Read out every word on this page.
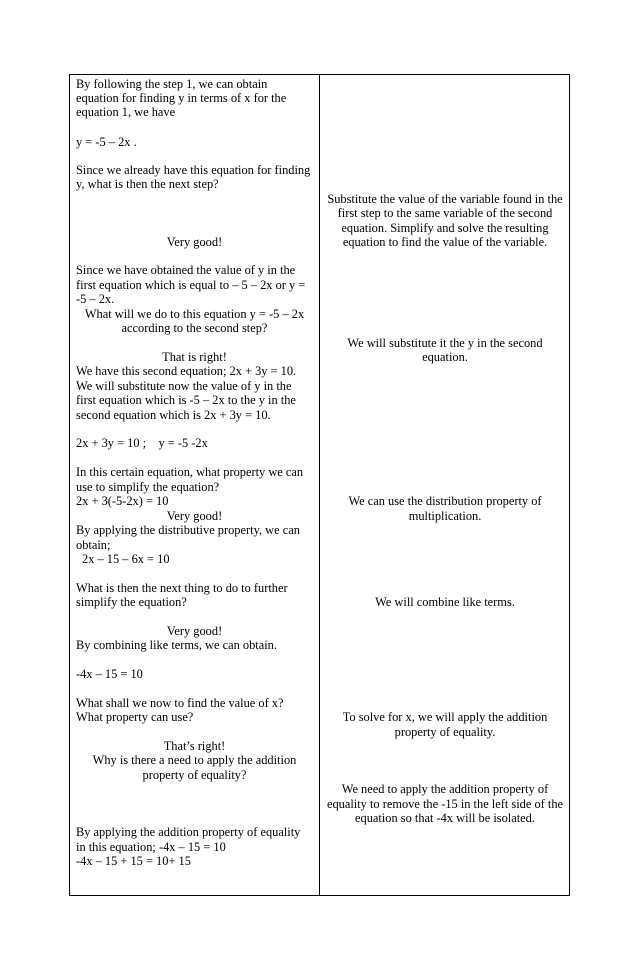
By following the step 1, we can obtain
equation for finding y in terms of x for the
equation 1, we have
y = -5 – 2x .
Since we already have this equation for finding
y, what is then the next step?
Very good!
Since we have obtained the value of y in the
first equation which is equal to – 5 – 2x or y =
-5 – 2x.
What will we do to this equation y = -5 – 2x
according to the second step?
That is right!
We have this second equation; 2x + 3y = 10.
We will substitute now the value of y in the
first equation which is -5 – 2x to the y in the
second equation which is 2x + 3y = 10.
2x + 3y = 10 ;    y = -5 -2x
In this certain equation, what property we can
use to simplify the equation?
2x + 3(-5-2x) = 10
Very good!
By applying the distributive property, we can
obtain;
2x – 15 – 6x = 10
What is then the next thing to do to further
simplify the equation?
Very good!
By combining like terms, we can obtain.
-4x – 15 = 10
What shall we now to find the value of x?
What property can use?
That’s right!
Why is there a need to apply the addition
property of equality?
By applying the addition property of equality
in this equation; -4x – 15 = 10
-4x – 15 + 15 = 10+ 15
Substitute the value of the variable found in the
first step to the same variable of the second
equation. Simplify and solve the resulting
equation to find the value of the variable.
We will substitute it the y in the second
equation.
We can use the distribution property of
multiplication.
We will combine like terms.
To solve for x, we will apply the addition
property of equality.
We need to apply the addition property of
equality to remove the -15 in the left side of the
equation so that -4x will be isolated.
